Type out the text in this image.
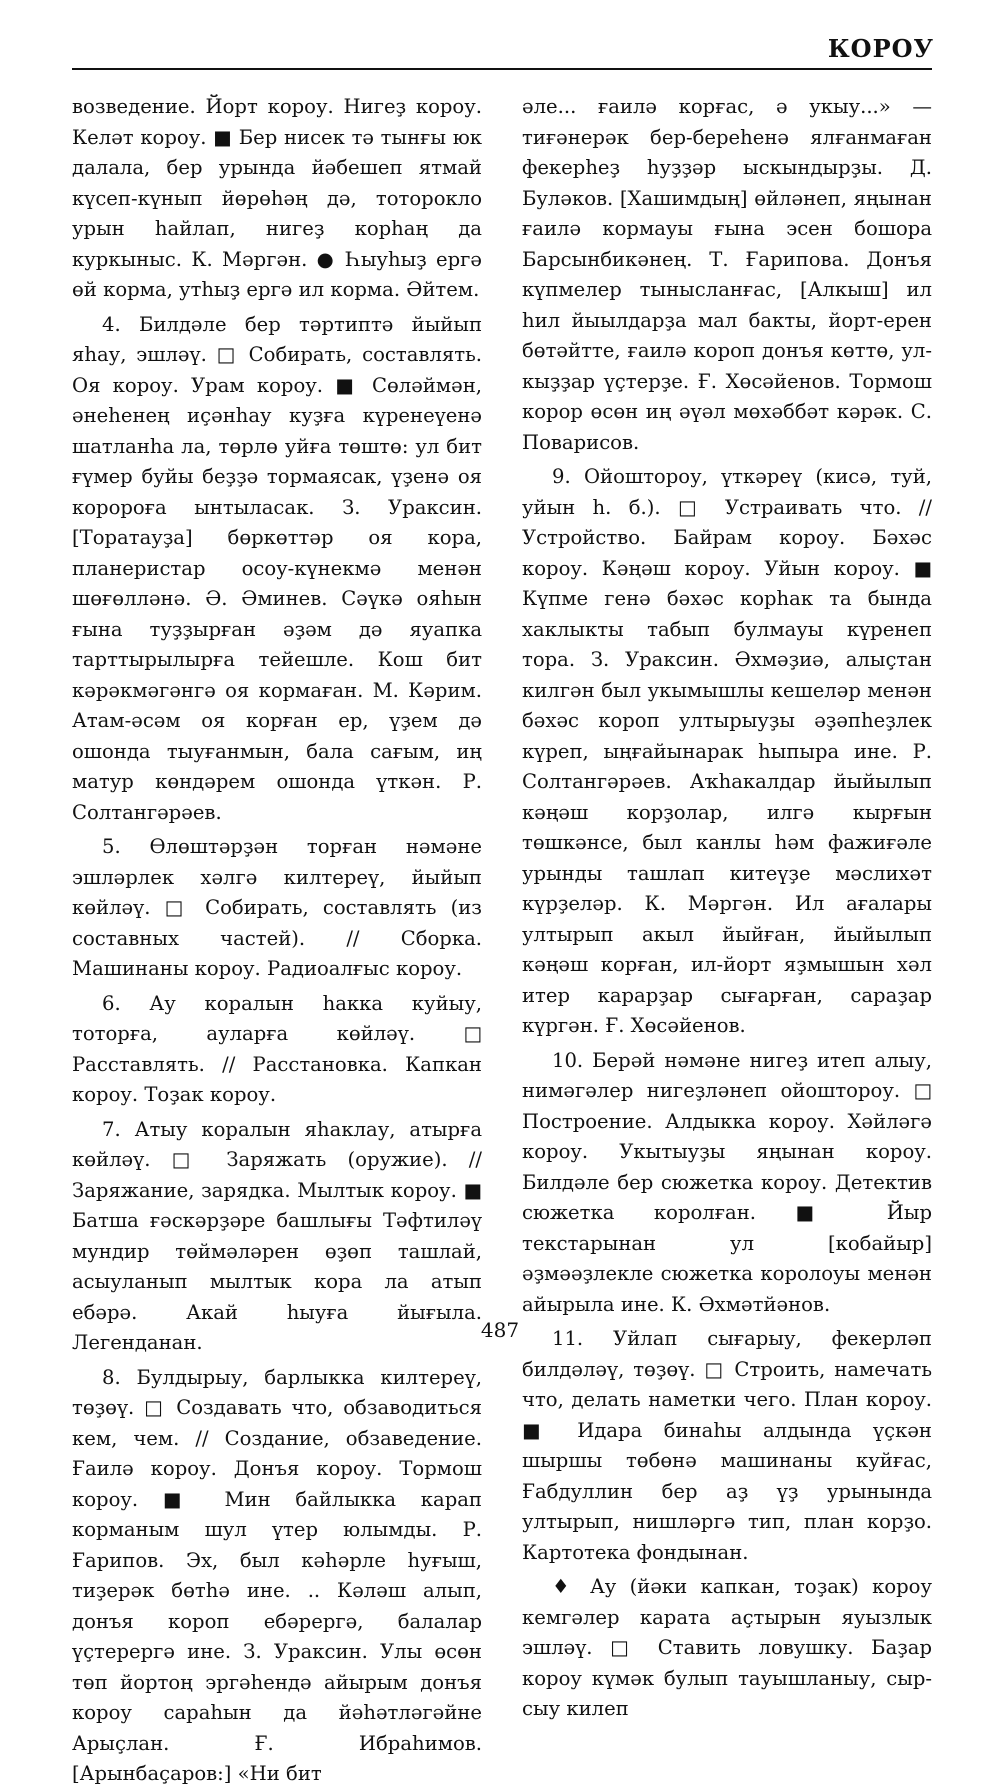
КОРОУ

возведение. Йорт короу. Нигеҙ короу. Келәт короу. ■ Бер нисек тә тынғы юк далала, бер урында йәбешеп ятмай күсеп-күнып йөрөһәң дә, тоторокло урын һайлап, нигеҙ корһаң да куркыныс. К. Мәргән. ● Һыуһыҙ ергә өй корма, утһыҙ ергә ил корма. Әйтем.

4. Билдәле бер тәртиптә йыйып яһау, эшләү. □ Собирать, составлять. Оя короу. Урам короу. ■ Сөләймән, әнеһенең иҫәнһау куҙға күренеүенә шатланһа ла, төрлө уйға төштө: ул бит ғүмер буйы беҙҙә тормаясак, үҙенә оя коророға ынтыласак. З. Ураксин. [Торатауҙа] бөркөттәр оя кора, планеристар осоу-күнекмә менән шөғөлләнә. Ә. Әминев. Сәүкә ояһын ғына туҙҙырған әҙәм дә яуапка тарттырылырға тейешле. Кош бит кәрәкмәгәнгә оя кормаған. М. Кәрим. Атам-әсәм оя корған ер, үҙем дә ошонда тыуғанмын, бала сағым, иң матур көндәрем ошонда үткән. Р. Солтангәрәев.

5. Өлөштәрҙән торған нәмәне эшләрлек хәлгә килтереү, йыйып көйләү. □ Собирать, составлять (из составных частей). // Сборка. Машинаны короу. Радиоалғыс короу.

6. Ау коралын һакка куйыу, тоторға, ауларға көйләү. □ Расставлять. // Расстановка. Капкан короу. Тоҙак короу.

7. Атыу коралын яһаклау, атырға көйләү. □ Заряжать (оружие). // Заряжание, зарядка. Мылтык короу. ■ Батша ғәскәрҙәре башлығы Тәфтиләү мундир төймәләрен өҙөп ташлай, асыуланып мылтык кора ла атып ебәрә. Акай һыуға йығыла. Легенданан.

8. Булдырыу, барлыкка килтереү, төҙөү. □ Создавать что, обзаводиться кем, чем. // Создание, обзаведение. Ғаилә короу. Донъя короу. Тормош короу. ■ Мин байлыкка карап корманым шул үтер юлымды. Р. Ғарипов. Эх, был кәһәрле һуғыш, тиҙерәк бөтһә ине. .. Кәләш алып, донъя короп ебәрергә, балалар үҫтерергә ине. З. Ураксин. Улы өсөн төп йортоң эргәһендә айырым донъя короу сараһын да йәһәтләгәйне Арыҫлан. Ғ. Ибраһимов. [Арынбаҫаров:] «Ни бит

әле... ғаилә корғас, ә укыу...» — тиғәнерәк бер-береһенә ялғанмаған фекерһеҙ һуҙҙәр ыскындырҙы. Д. Буләков. [Хашимдың] өйләнеп, яңынан ғаилә кормауы ғына эсен бошора Барсынбикәнең. Т. Ғарипова. Донъя күпмелер тынысланғас, [Алкыш] ил һил йыылдарҙа мал бакты, йорт-ерен бөтәйтте, ғаилә короп донъя көттө, ул-кыҙҙар үҫтерҙе. Ғ. Хөсәйенов. Тормош корор өсөн иң әүәл мөхәббәт кәрәк. С. Поварисов.

9. Ойоштороу, үткәреү (кисә, туй, уйын һ. б.). □ Устраивать что. // Устройство. Байрам короу. Бәхәс короу. Кәңәш короу. Уйын короу. ■ Күпме генә бәхәс корһак та бында хаклыкты табып булмауы күренеп тора. З. Ураксин. Әхмәҙиә, алыҫтан килгән был укымышлы кешеләр менән бәхәс короп ултырыуҙы әҙәпһеҙлек күреп, ыңғайынарак һыпыра ине. Р. Солтангәрәев. Аҡһакалдар йыйылып кәңәш корҙолар, илгә кырғын төшкәнсе, был канлы һәм фажиғәле урынды ташлап китеүҙе мәслихәт күрҙеләр. К. Мәргән. Ил ағалары ултырып акыл йыйған, йыйылып кәңәш корған, ил-йорт яҙмышын хәл итер карарҙар сығарған, сараҙар күргән. Ғ. Хөсәйенов.

10. Берәй нәмәне нигеҙ итеп алыу, нимәгәлер нигеҙләнеп ойоштороу. □ Построение. Алдыкка короу. Хәйләгә короу. Укытыуҙы яңынан короу. Билдәле бер сюжетка короу. Детектив сюжетка королған. ■ Йыр текстарынан ул [кобайыр] әҙмәәҙлекле сюжетка королоуы менән айырыла ине. К. Әхмәтйәнов.

11. Уйлап сығарыу, фекерләп билдәләү, төҙөү. □ Строить, намечать что, делать наметки чего. План короу. ■ Идара бинаһы алдында үҫкән шыршы төбөнә машинаны куйғас, Ғабдуллин бер аҙ үҙ урынында ултырып, нишләргә тип, план корҙо. Картотека фондынан.

♦ Ау (йәки капкан, тоҙак) короу кемгәлер карата аҫтырын яуызлык эшләү. □ Ставить ловушку. Баҙар короу күмәк булып тауышланыу, сыр-сыу килеп

487
